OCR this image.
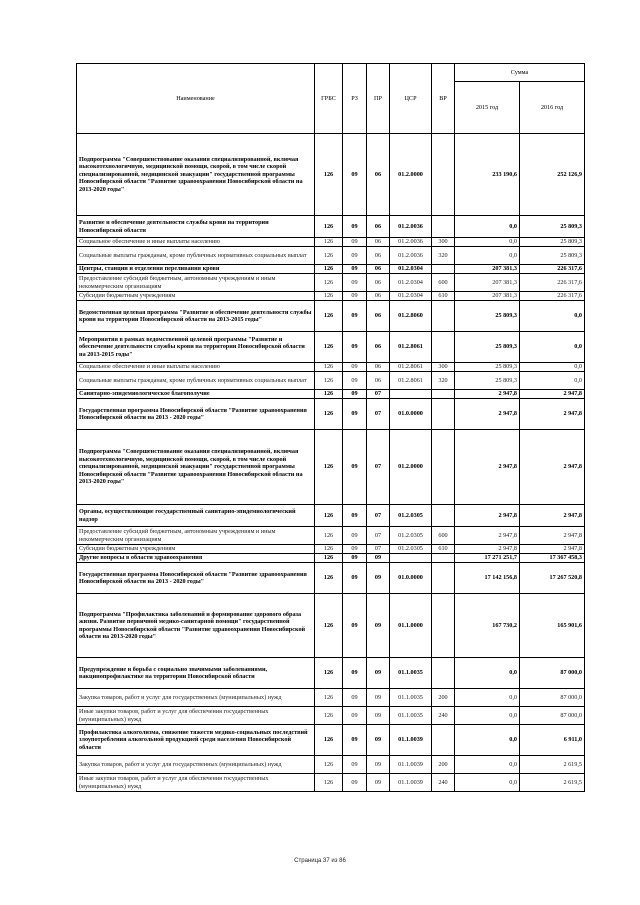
Наименование	ГРБС	РЗ	ПР	ЦСР	ВР	Сумма	
						2015 год	2016 год
Подпрограмма "Совершенствование оказания специализированной, включая высокотехнологичную, медицинской помощи, скорой, в том числе скорой специализированной, медицинской эвакуации" государственной программы Новосибирской области "Развитие здравоохранения Новосибирской области на 2013-2020 годы"	126	09	06	01.2.0000		233 190,6	252 126,9
Развитие и обеспечение деятельности службы крови на территории Новосибирской области	126	09	06	01.2.0036		0,0	25 809,3
Социальное обеспечение и иные выплаты населению	126	09	06	01.2.0036	300	0,0	25 809,3
Социальные выплаты гражданам, кроме публичных нормативных социальных выплат	126	09	06	01.2.0036	320	0,0	25 809,3
Центры, станции и отделения переливания крови	126	09	06	01.2.0304		207 381,3	226 317,6
Предоставление субсидий бюджетным, автономным учреждениям и иным некоммерческим организациям	126	09	06	01.2.0304	600	207 381,3	226 317,6
Субсидии бюджетным учреждениям	126	09	06	01.2.0304	610	207 381,3	226 317,6
Ведомственная целевая программа "Развитие и обеспечение деятельности службы крови на территории Новосибирской области на 2013-2015 годы"	126	09	06	01.2.8060		25 809,3	0,0
Мероприятия в рамках ведомственной целевой программы "Развитие и обеспечение деятельности службы крови на территории Новосибирской области на 2013-2015 годы"	126	09	06	01.2.8061		25 809,3	0,0
Социальное обеспечение и иные выплаты населению	126	09	06	01.2.8061	300	25 809,3	0,0
Социальные выплаты гражданам, кроме публичных нормативных социальных выплат	126	09	06	01.2.8061	320	25 809,3	0,0
Санитарно-эпидемиологическое благополучие	126	09	07			2 947,8	2 947,8
Государственная программа Новосибирской области "Развитие здравоохранения Новосибирской области на 2013 - 2020 годы"	126	09	07	01.0.0000		2 947,8	2 947,8
Подпрограмма "Совершенствование оказания специализированной, включая высокотехнологичную, медицинской помощи, скорой, в том числе скорой специализированной, медицинской эвакуации" государственной программы Новосибирской области "Развитие здравоохранения Новосибирской области на 2013-2020 годы"	126	09	07	01.2.0000		2 947,8	2 947,8
Органы, осуществляющие государственный санитарно-эпидемиологический надзор	126	09	07	01.2.0305		2 947,8	2 947,8
Предоставление субсидий бюджетным, автономным учреждениям и иным некоммерческим организациям	126	09	07	01.2.0305	600	2 947,8	2 947,8
Субсидии бюджетным учреждениям	126	09	07	01.2.0305	610	2 947,8	2 947,8
Другие вопросы в области здравоохранения	126	09	09			17 271 251,7	17 367 458,3
Государственная программа Новосибирской области "Развитие здравоохранения Новосибирской области на 2013 - 2020 годы"	126	09	09	01.0.0000		17 142 156,8	17 267 520,8
Подпрограмма "Профилактика заболеваний и формирование здорового образа жизни. Развитие первичной медико-санитарной помощи" государственной программы Новосибирской области "Развитие здравоохранения Новосибирской области на 2013-2020 годы"	126	09	09	01.1.0000		167 730,2	165 901,6
Предупреждение и борьба с социально значимыми заболеваниями, вакцинопрофилактике на территории Новосибирской области	126	09	09	01.1.0035		0,0	87 000,0
Закупка товаров, работ и услуг для государственных (муниципальных) нужд	126	09	09	01.1.0035	200	0,0	87 000,0
Иные закупки товаров, работ и услуг для обеспечения государственных (муниципальных) нужд	126	09	09	01.1.0035	240	0,0	87 000,0
Профилактика алкоголизма, снижение тяжести медико-социальных последствий злоупотребления алкогольной продукцией среди населения Новосибирской области	126	09	09	01.1.0039		0,0	6 911,0
Закупка товаров, работ и услуг для государственных (муниципальных) нужд	126	09	09	01.1.0039	200	0,0	2 619,5
Иные закупки товаров, работ и услуг для обеспечения государственных (муниципальных) нужд	126	09	09	01.1.0039	240	0,0	2 619,5
Страница 37 из 86
